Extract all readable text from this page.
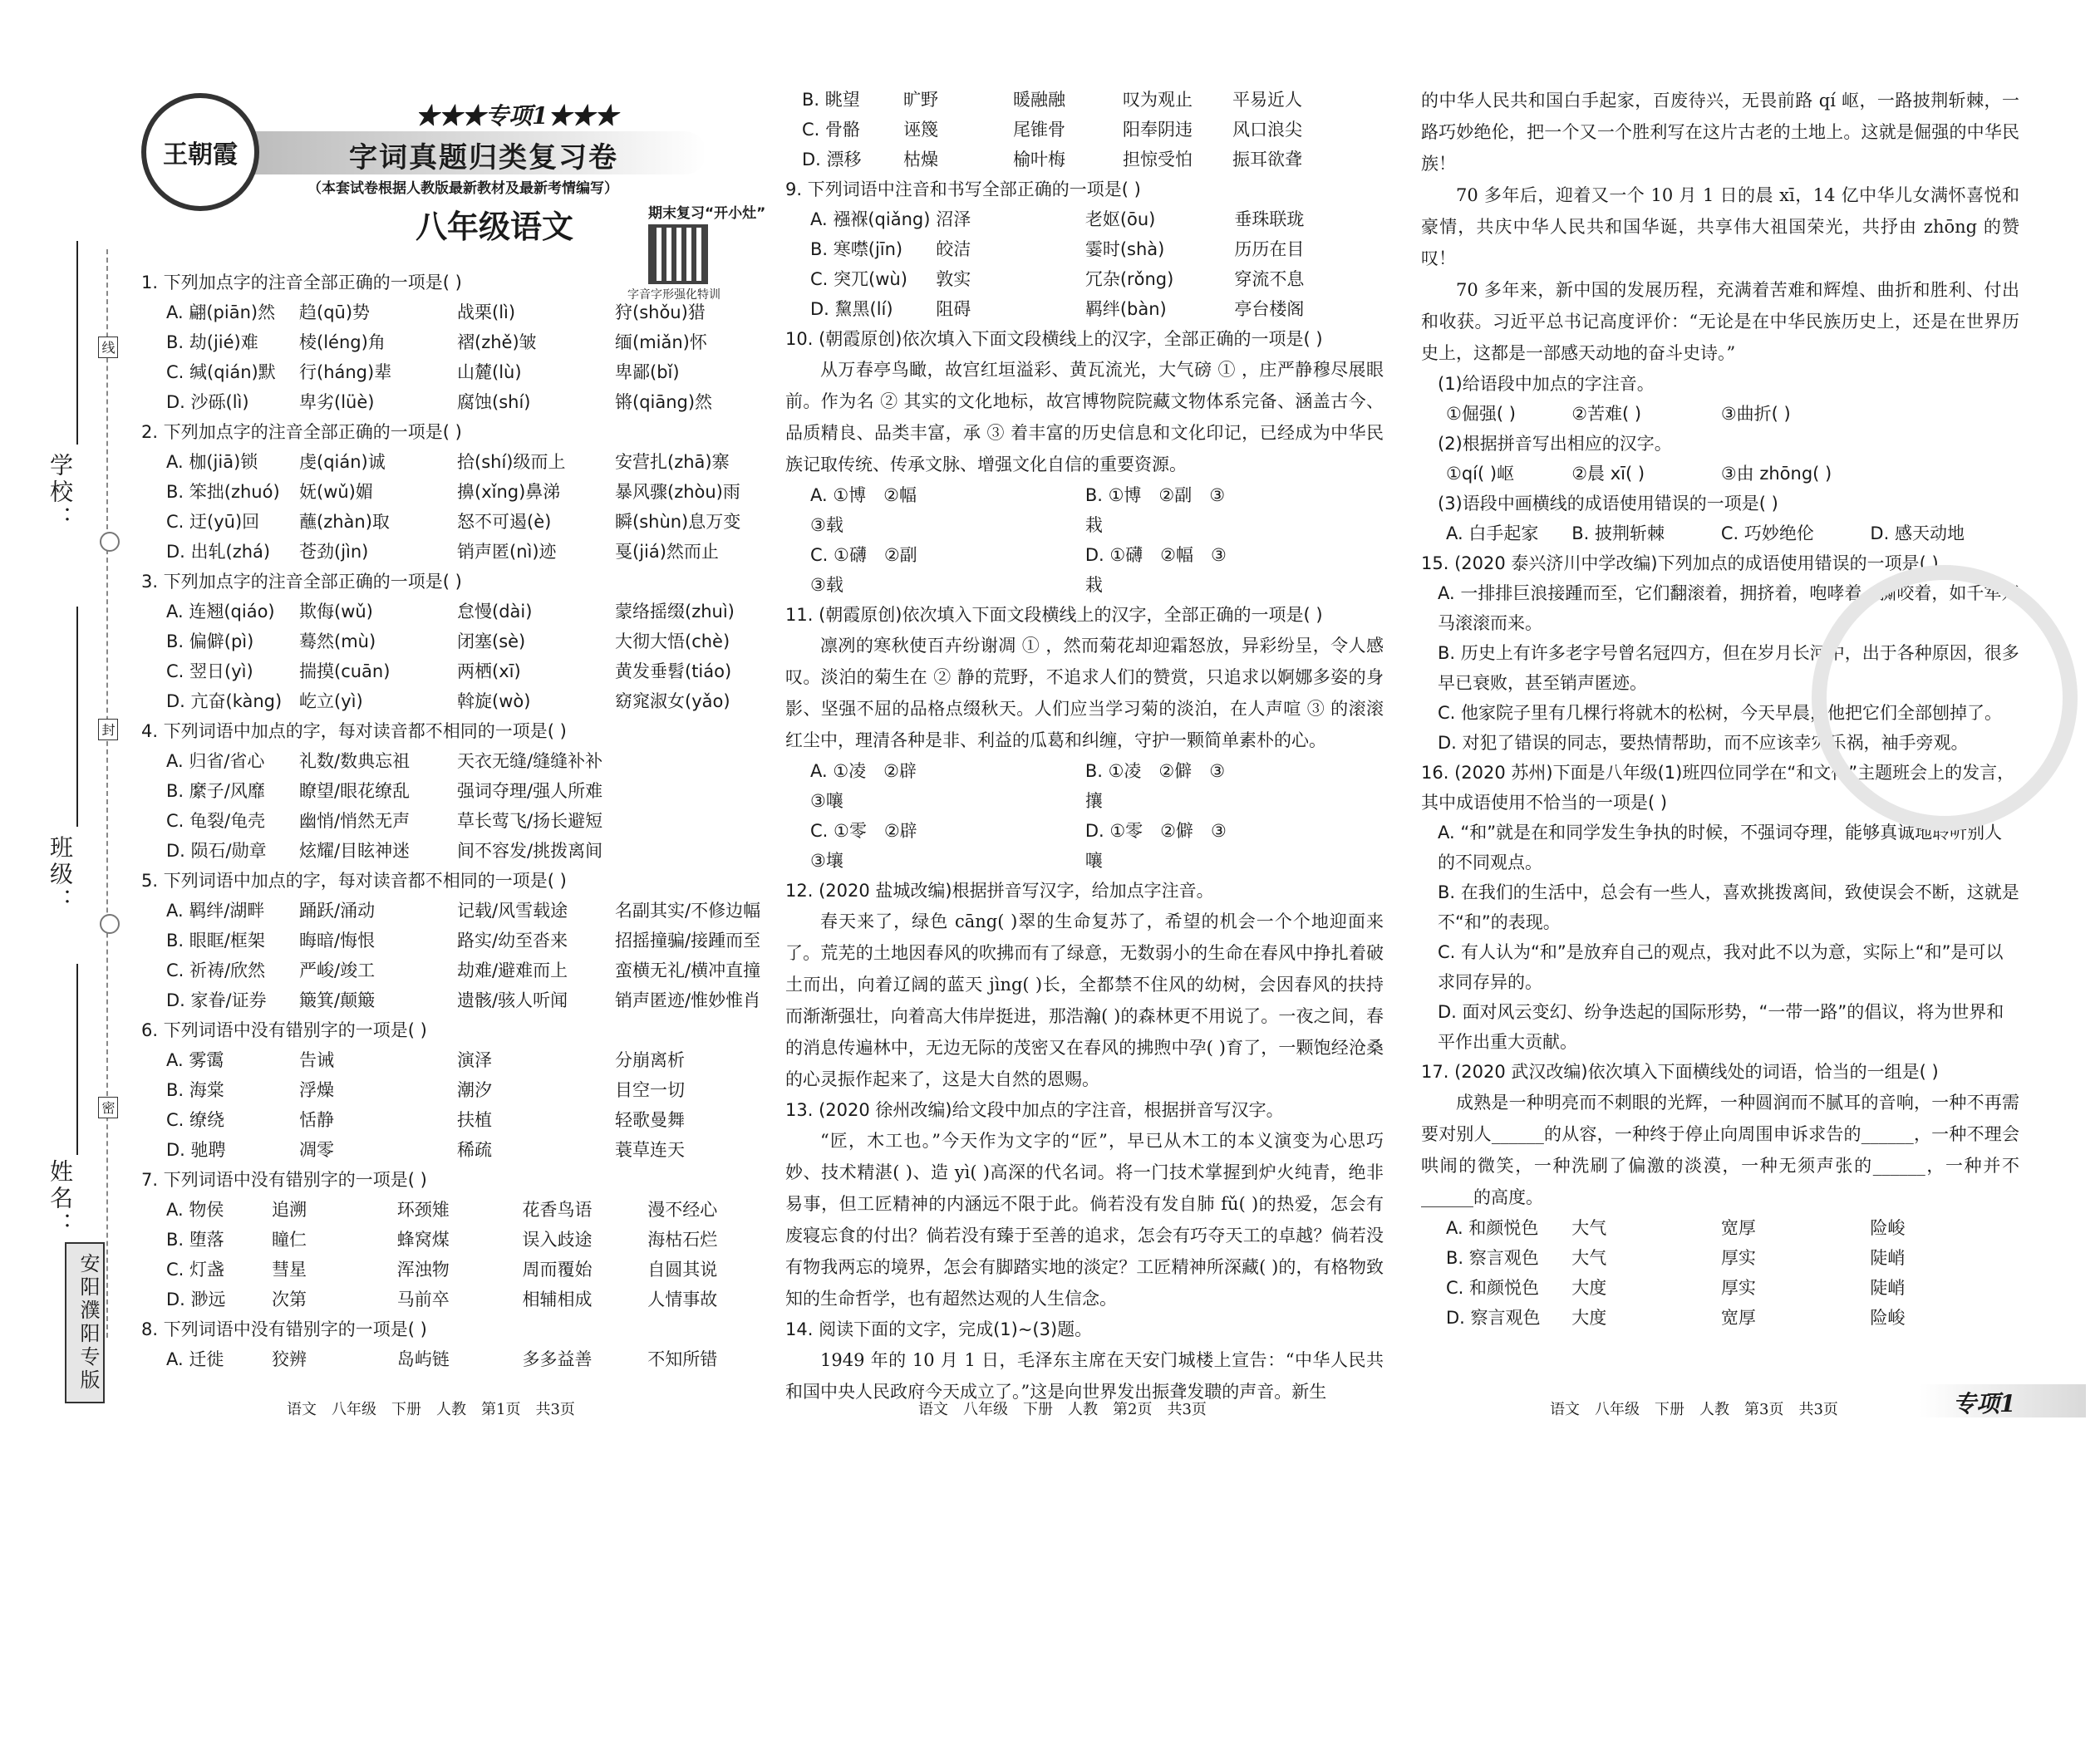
学校：
班级：
姓名：
线
封
密
安阳濮阳专版
王朝霞
★★★专项1★★★
字词真题归类复习卷
（本套试卷根据人教版最新教材及最新考情编写）
八年级语文	期末复习“开小灶”
字音字形强化特训

1. 下列加点字的注音全部正确的一项是( )

A. 翩(piān)然	趋(qū)势	战栗(lì)	狩(shǒu)猎
B. 劫(jié)难	棱(léng)角	褶(zhě)皱	缅(miǎn)怀
C. 缄(qián)默	行(háng)辈	山麓(lù)	卑鄙(bǐ)
D. 沙砾(lì)	卑劣(lüè)	腐蚀(shí)	锵(qiāng)然

2. 下列加点字的注音全部正确的一项是( )

A. 枷(jiā)锁	虔(qián)诚	拾(shí)级而上	安营扎(zhā)寨
B. 笨拙(zhuó)	妩(wǔ)媚	擤(xǐng)鼻涕	暴风骤(zhòu)雨
C. 迂(yū)回	蘸(zhàn)取	怒不可遏(è)	瞬(shùn)息万变
D. 出轧(zhá)	苍劲(jìn)	销声匿(nì)迹	戛(jiá)然而止

3. 下列加点字的注音全部正确的一项是( )

A. 连翘(qiáo)	欺侮(wǔ)	怠慢(dài)	蒙络摇缀(zhuì)
B. 偏僻(pì)	蓦然(mù)	闭塞(sè)	大彻大悟(chè)
C. 翌日(yì)	揣摸(cuān)	两栖(xī)	黄发垂髫(tiáo)
D. 亢奋(kàng) 屹立(yì)	斡旋(wò)	窈窕淑女(yǎo)

4. 下列词语中加点的字，每对读音都不相同的一项是( )

A. 归省/省心	礼数/数典忘祖	天衣无缝/缝缝补补
B. 縻子/风靡	瞭望/眼花缭乱	强词夺理/强人所难
C. 龟裂/龟壳	幽悄/悄然无声	草长莺飞/扬长避短
D. 陨石/勋章	炫耀/目眩神迷	间不容发/挑拨离间

5. 下列词语中加点的字，每对读音都不相同的一项是( )

A. 羁绊/湖畔	踊跃/涌动	记载/风雪载途	名副其实/不修边幅
B. 眼眶/框架	晦暗/悔恨	路实/幼至沓来	招摇撞骗/接踵而至
C. 祈祷/欣然	严峻/竣工	劫难/避难而上	蛮横无礼/横冲直撞
D. 家眷/证券	簸箕/颠簸	遗骸/骇人听闻	销声匿迹/惟妙惟肖

6. 下列词语中没有错别字的一项是( )

A. 雾霭	告诫	演泽	分崩离析
B. 海棠	浮燥	潮汐	目空一切
C. 缭绕	恬静	扶植	轻歌曼舞
D. 驰聘	凋零	稀疏	蓑草连天

7. 下列词语中没有错别字的一项是( )

A. 物侯	追溯	环颈雉	花香鸟语	漫不经心
B. 堕落	瞳仁	蜂窝煤	误入歧途	海枯石烂
C. 灯盏	彗星	浑浊物	周而覆始	自圆其说
D. 渺远	次第	马前卒	相辅相成	人情事故

8. 下列词语中没有错别字的一项是( )

A. 迁徙	狡辨	岛屿链	多多益善	不知所错
B. 眺望	旷野	暖融融	叹为观止	平易近人
C. 骨骼	诬篾	尾锥骨	阳奉阴违	风口浪尖
D. 漂移	枯燥	榆叶梅	担惊受怕	振耳欲聋

9. 下列词语中注音和书写全部正确的一项是( )

A. 襁褓(qiǎng) 沼泽	老妪(ōu)	垂珠联珑
B. 寒噤(jīn)	皎洁	霎时(shà)	历历在目
C. 突兀(wù)	敦实	冗杂(rǒng)	穿流不息
D. 黧黑(lí)	阻碍	羁绊(bàn)	亭台楼阁

10. (朝霞原创)依次填入下面文段横线上的汉字，全部正确的一项是( )

从万春亭鸟瞰，故宫红垣溢彩、黄瓦流光，大气磅 ① ，庄严静穆尽展眼前。作为名 ② 其实的文化地标，故宫博物院院藏文物体系完备、涵盖古今、品质精良、品类丰富，承 ③ 着丰富的历史信息和文化印记，已经成为中华民族记取传统、传承文脉、增强文化自信的重要资源。

A. ①博　②幅　③载
B. ①博　②副　③栽
C. ①礴　②副　③载
D. ①礴　②幅　③栽

11. (朝霞原创)依次填入下面文段横线上的汉字，全部正确的一项是( )

凛冽的寒秋使百卉纷谢凋 ① ，然而菊花却迎霜怒放，异彩纷呈，令人感叹。淡泊的菊生在 ② 静的荒野，不追求人们的赞赏，只追求以婀娜多姿的身影、坚强不屈的品格点缀秋天。人们应当学习菊的淡泊，在人声喧 ③ 的滚滚红尘中，理清各种是非、利益的瓜葛和纠缠，守护一颗简单素朴的心。

A. ①凌　②辟　③嚷
B. ①凌　②僻　③攘
C. ①零　②辟　③壤
D. ①零　②僻　③嚷

12. (2020 盐城改编)根据拼音写汉字，给加点字注音。

春天来了，绿色 cāng( )翠的生命复苏了，希望的机会一个个地迎面来了。荒芜的土地因春风的吹拂而有了绿意，无数弱小的生命在春风中挣扎着破土而出，向着辽阔的蓝天 jìng( )长，全都禁不住风的幼树，会因春风的扶持而渐渐强壮，向着高大伟岸挺进，那浩瀚( )的森林更不用说了。一夜之间，春的消息传遍林中，无边无际的茂密又在春风的拂煦中孕( )育了，一颗饱经沧桑的心灵振作起来了，这是大自然的恩赐。

13. (2020 徐州改编)给文段中加点的字注音，根据拼音写汉字。

“匠，木工也。”今天作为文字的“匠”，早已从木工的本义演变为心思巧妙、技术精湛( )、造 yì( )高深的代名词。将一门技术掌握到炉火纯青，绝非易事，但工匠精神的内涵远不限于此。倘若没有发自肺 fǔ( )的热爱，怎会有废寝忘食的付出？倘若没有臻于至善的追求，怎会有巧夺天工的卓越？倘若没有物我两忘的境界，怎会有脚踏实地的淡定？工匠精神所深藏( )的，有格物致知的生命哲学，也有超然达观的人生信念。

14. 阅读下面的文字，完成(1)~(3)题。

1949 年的 10 月 1 日，毛泽东主席在天安门城楼上宣告：“中华人民共和国中央人民政府今天成立了。”这是向世界发出振聋发聩的声音。新生

的中华人民共和国白手起家，百废待兴，无畏前路 qí 岖，一路披荆斩棘，一路巧妙绝伦，把一个又一个胜利写在这片古老的土地上。这就是倔强的中华民族！

70 多年后，迎着又一个 10 月 1 日的晨 xī，14 亿中华儿女满怀喜悦和豪情，共庆中华人民共和国华诞，共享伟大祖国荣光，共抒由 zhōng 的赞叹！

70 多年来，新中国的发展历程，充满着苦难和辉煌、曲折和胜利、付出和收获。习近平总书记高度评价：“无论是在中华民族历史上，还是在世界历史上，这都是一部感天动地的奋斗史诗。”

(1)给语段中加点的字注音。

①倔强( )	②苦难( )	③曲折( )

(2)根据拼音写出相应的汉字。

①qí( )岖	②晨 xī( )	③由 zhōng( )

(3)语段中画横线的成语使用错误的一项是( )

A. 白手起家	B. 披荆斩棘	C. 巧妙绝伦	D. 感天动地

15. (2020 泰兴济川中学改编)下列加点的成语使用错误的一项是( )

A. 一排排巨浪接踵而至，它们翻滚着，拥挤着，咆哮着，撕咬着，如千军万马滚滚而来。

B. 历史上有许多老字号曾名冠四方，但在岁月长河中，出于各种原因，很多早已衰败，甚至销声匿迹。

C. 他家院子里有几棵行将就木的松树，今天早晨，他把它们全部刨掉了。

D. 对犯了错误的同志，要热情帮助，而不应该幸灾乐祸，袖手旁观。

16. (2020 苏州)下面是八年级(1)班四位同学在“和文化”主题班会上的发言，其中成语使用不恰当的一项是( )

A. “和”就是在和同学发生争执的时候，不强词夺理，能够真诚地聆听别人的不同观点。

B. 在我们的生活中，总会有一些人，喜欢挑拨离间，致使误会不断，这就是不“和”的表现。

C. 有人认为“和”是放弃自己的观点，我对此不以为意，实际上“和”是可以求同存异的。

D. 面对风云变幻、纷争迭起的国际形势，“一带一路”的倡议，将为世界和平作出重大贡献。

17. (2020 武汉改编)依次填入下面横线处的词语，恰当的一组是( )

成熟是一种明亮而不刺眼的光辉，一种圆润而不腻耳的音响，一种不再需要对别人______的从容，一种终于停止向周围申诉求告的______，一种不理会哄闹的微笑，一种洗刷了偏激的淡漠，一种无须声张的______，一种并不______的高度。

A. 和颜悦色	大气	宽厚	险峻
B. 察言观色	大气	厚实	陡峭
C. 和颜悦色	大度	厚实	陡峭
D. 察言观色	大度	宽厚	险峻
语文　八年级　下册　人教　第1页　共3页	语文　八年级　下册　人教　第2页　共3页	语文　八年级　下册　人教　第3页　共3页	专项1
